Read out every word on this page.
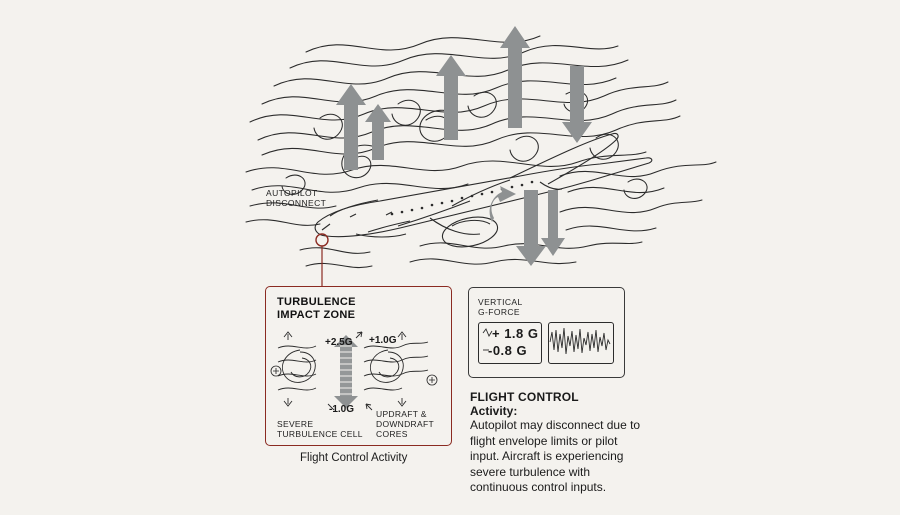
AUTOPILOT
DISCONNECT
TURBULENCE
IMPACT ZONE
+2.5G +1.0G
-1.0G
SEVERE
TURBULENCE CELL
UPDRAFT &
DOWNDRAFT
CORES
Flight Control Activity
VERTICAL
G-FORCE
+ 1.8 G
-0.8 G
FLIGHT CONTROL
Activity:
Autopilot may disconnect due to flight envelope limits or pilot input. Aircraft is experiencing severe turbulence with continuous control inputs.
